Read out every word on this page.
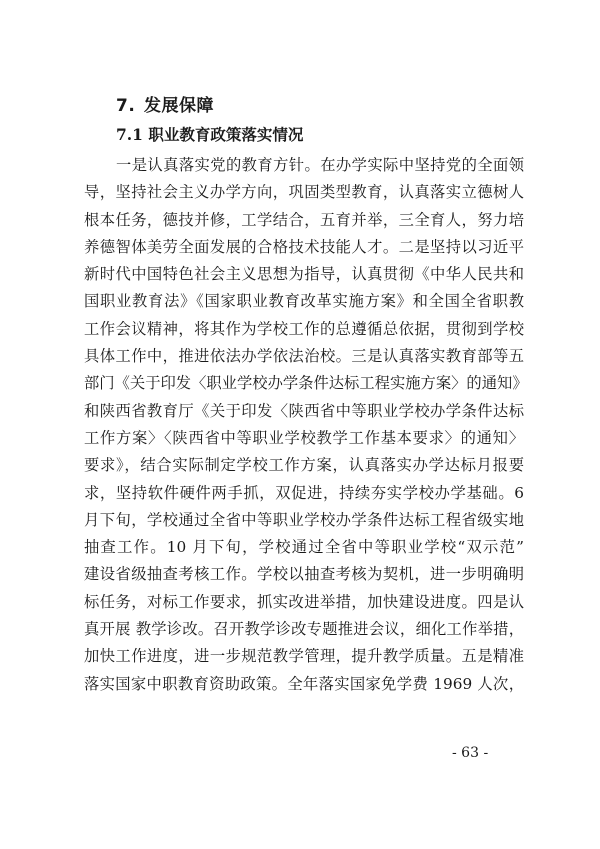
7. 发展保障
7.1 职业教育政策落实情况
一是认真落实党的教育方针。在办学实际中坚持党的全面领
导，坚持社会主义办学方向，巩固类型教育，认真落实立德树人
根本任务，德技并修，工学结合，五育并举，三全育人，努力培
养德智体美劳全面发展的合格技术技能人才。二是坚持以习近平
新时代中国特色社会主义思想为指导，认真贯彻《中华人民共和
国职业教育法》《国家职业教育改革实施方案》和全国全省职教
工作会议精神，将其作为学校工作的总遵循总依据，贯彻到学校
具体工作中，推进依法办学依法治校。三是认真落实教育部等五
部门《关于印发〈职业学校办学条件达标工程实施方案〉的通知》
和陕西省教育厅《关于印发〈陕西省中等职业学校办学条件达标
工作方案〉〈陕西省中等职业学校教学工作基本要求〉的通知〉
要求》，结合实际制定学校工作方案，认真落实办学达标月报要
求，坚持软件硬件两手抓，双促进，持续夯实学校办学基础。6
月下旬，学校通过全省中等职业学校办学条件达标工程省级实地
抽查工作。10 月下旬，学校通过全省中等职业学校“双示范”
建设省级抽查考核工作。学校以抽查考核为契机，进一步明确明
标任务，对标工作要求，抓实改进举措，加快建设进度。四是认
真开展 教学诊改。召开教学诊改专题推进会议，细化工作举措，
加快工作进度，进一步规范教学管理，提升教学质量。五是精准
落实国家中职教育资助政策。全年落实国家免学费 1969 人次，
- 63 -
